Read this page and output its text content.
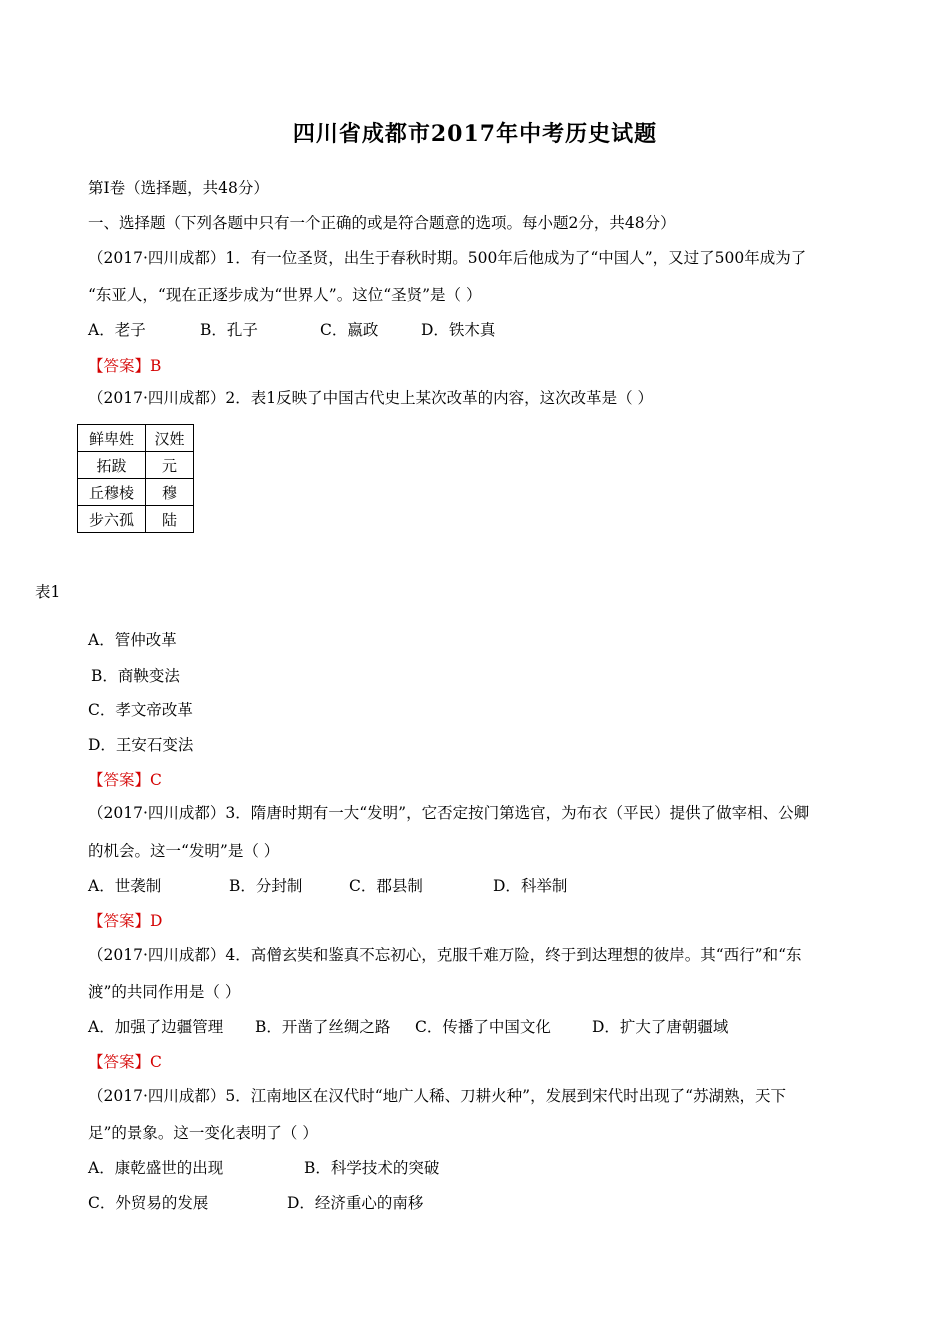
四川省成都市2017年中考历史试题
第I卷（选择题，共48分）
一、选择题（下列各题中只有一个正确的或是符合题意的选项。每小题2分，共48分）
（2017·四川成都）1．有一位圣贤，出生于春秋时期。500年后他成为了“中国人”，又过了500年成为了
“东亚人，“现在正逐步成为“世界人”。这位“圣贤”是（ ）
A．老子	B．孔子	C．嬴政	D．铁木真
【答案】B
（2017·四川成都）2．表1反映了中国古代史上某次改革的内容，这次改革是（ ）
鲜卑姓	汉姓
拓跋	元
丘穆棱	穆
步六孤	陆
表1
A．管仲改革
B．商鞅变法
C．孝文帝改革
D．王安石变法
【答案】C
（2017·四川成都）3．隋唐时期有一大“发明”，它否定按门第选官，为布衣（平民）提供了做宰相、公卿
的机会。这一“发明”是（ ）
A．世袭制	B．分封制	C．郡县制	D．科举制
【答案】D
（2017·四川成都）4．高僧玄奘和鉴真不忘初心，克服千难万险，终于到达理想的彼岸。其“西行”和“东
渡”的共同作用是（ ）
A．加强了边疆管理 B．开凿了丝绸之路 C．传播了中国文化	D．扩大了唐朝疆域
【答案】C
（2017·四川成都）5．江南地区在汉代时“地广人稀、刀耕火种”，发展到宋代时出现了“苏湖熟，天下
足”的景象。这一变化表明了（ ）
A．康乾盛世的出现	B．科学技术的突破
C．外贸易的发展	D．经济重心的南移
